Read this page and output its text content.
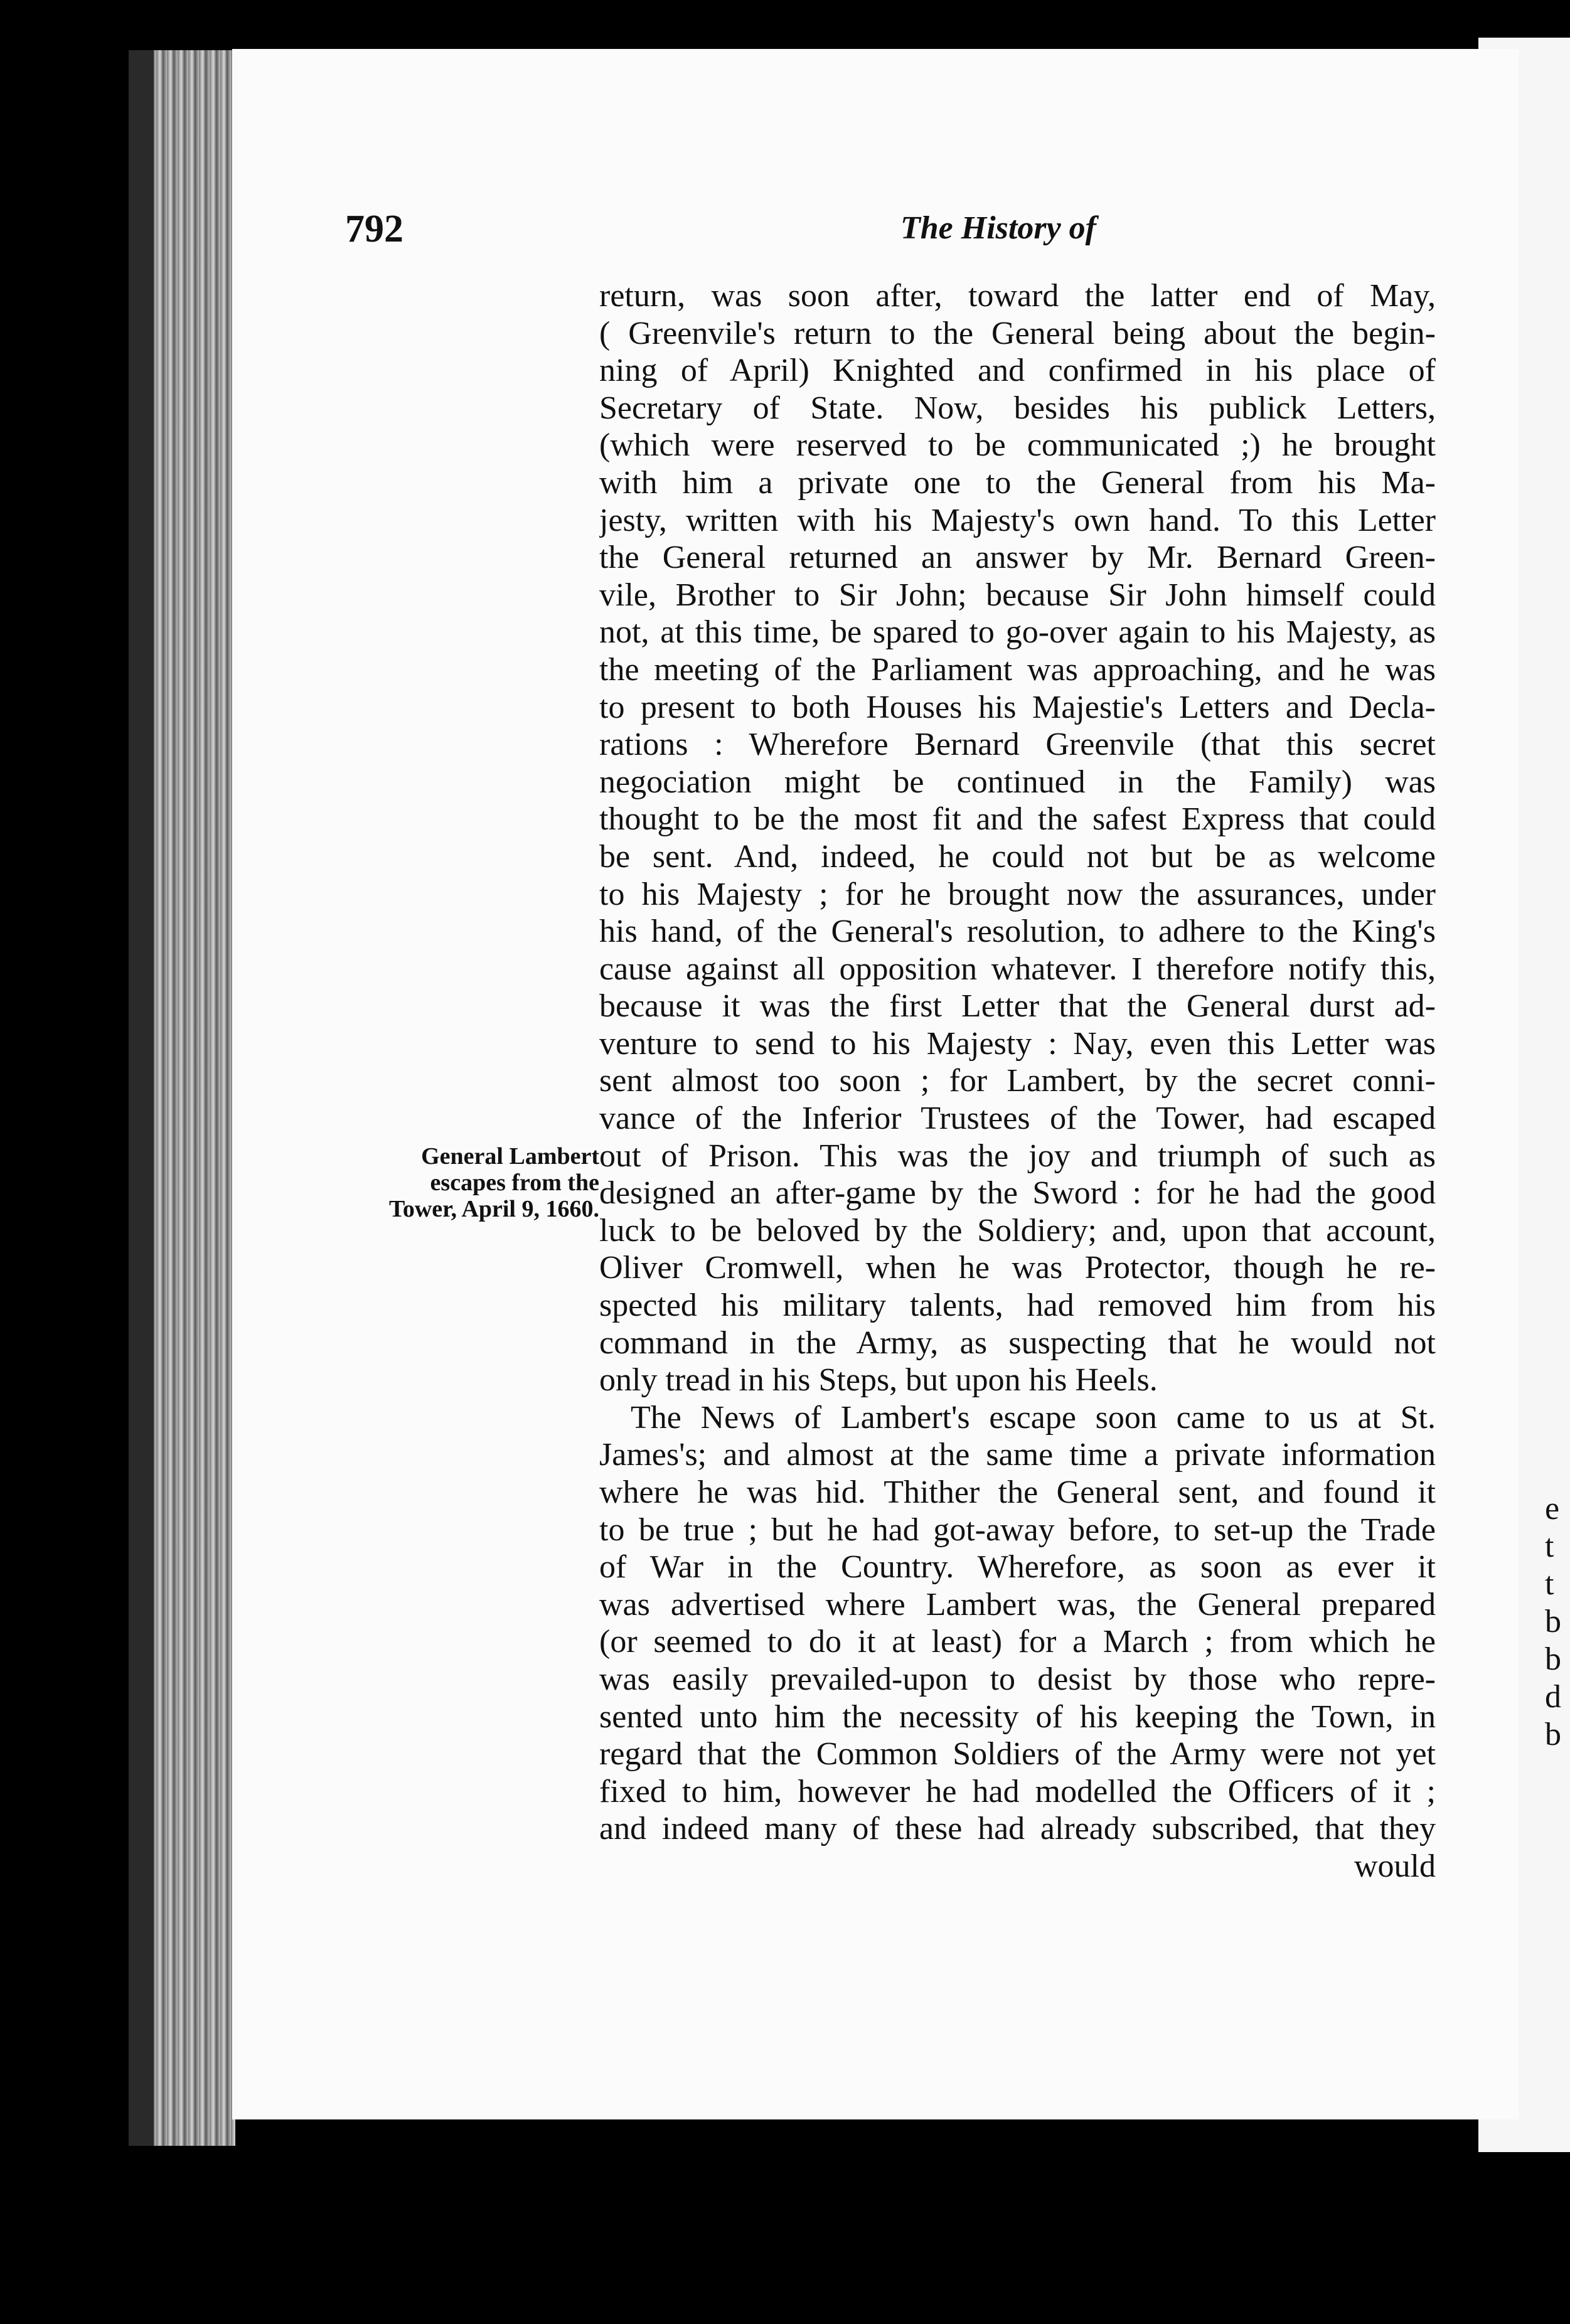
e
t
t
b
b
d
b
792	The History of
General Lambert
escapes from the
Tower, April 9, 1660.
return, was soon after, toward the latter end of May,
( Greenvile's return to the General being about the begin-
ning of April) Knighted and confirmed in his place of
Secretary of State. Now, besides his publick Letters,
(which were reserved to be communicated ;) he brought
with him a private one to the General from his Ma-
jesty, written with his Majesty's own hand. To this Letter
the General returned an answer by Mr. Bernard Green-
vile, Brother to Sir John; because Sir John himself could
not, at this time, be spared to go-over again to his Majesty, as
the meeting of the Parliament was approaching, and he was
to present to both Houses his Majestie's Letters and Decla-
rations : Wherefore Bernard Greenvile (that this secret
negociation might be continued in the Family) was
thought to be the most fit and the safest Express that could
be sent. And, indeed, he could not but be as welcome
to his Majesty ; for he brought now the assurances, under
his hand, of the General's resolution, to adhere to the King's
cause against all opposition whatever. I therefore notify this,
because it was the first Letter that the General durst ad-
venture to send to his Majesty : Nay, even this Letter was
sent almost too soon ; for Lambert, by the secret conni-
vance of the Inferior Trustees of the Tower, had escaped
out of Prison. This was the joy and triumph of such as
designed an after-game by the Sword : for he had the good
luck to be beloved by the Soldiery; and, upon that account,
Oliver Cromwell, when he was Protector, though he re-
spected his military talents, had removed him from his
command in the Army, as suspecting that he would not
only tread in his Steps, but upon his Heels.
The News of Lambert's escape soon came to us at St.
James's; and almost at the same time a private information
where he was hid. Thither the General sent, and found it
to be true ; but he had got-away before, to set-up the Trade
of War in the Country. Wherefore, as soon as ever it
was advertised where Lambert was, the General prepared
(or seemed to do it at least) for a March ; from which he
was easily prevailed-upon to desist by those who repre-
sented unto him the necessity of his keeping the Town, in
regard that the Common Soldiers of the Army were not yet
fixed to him, however he had modelled the Officers of it ;
and indeed many of these had already subscribed, that they
would
